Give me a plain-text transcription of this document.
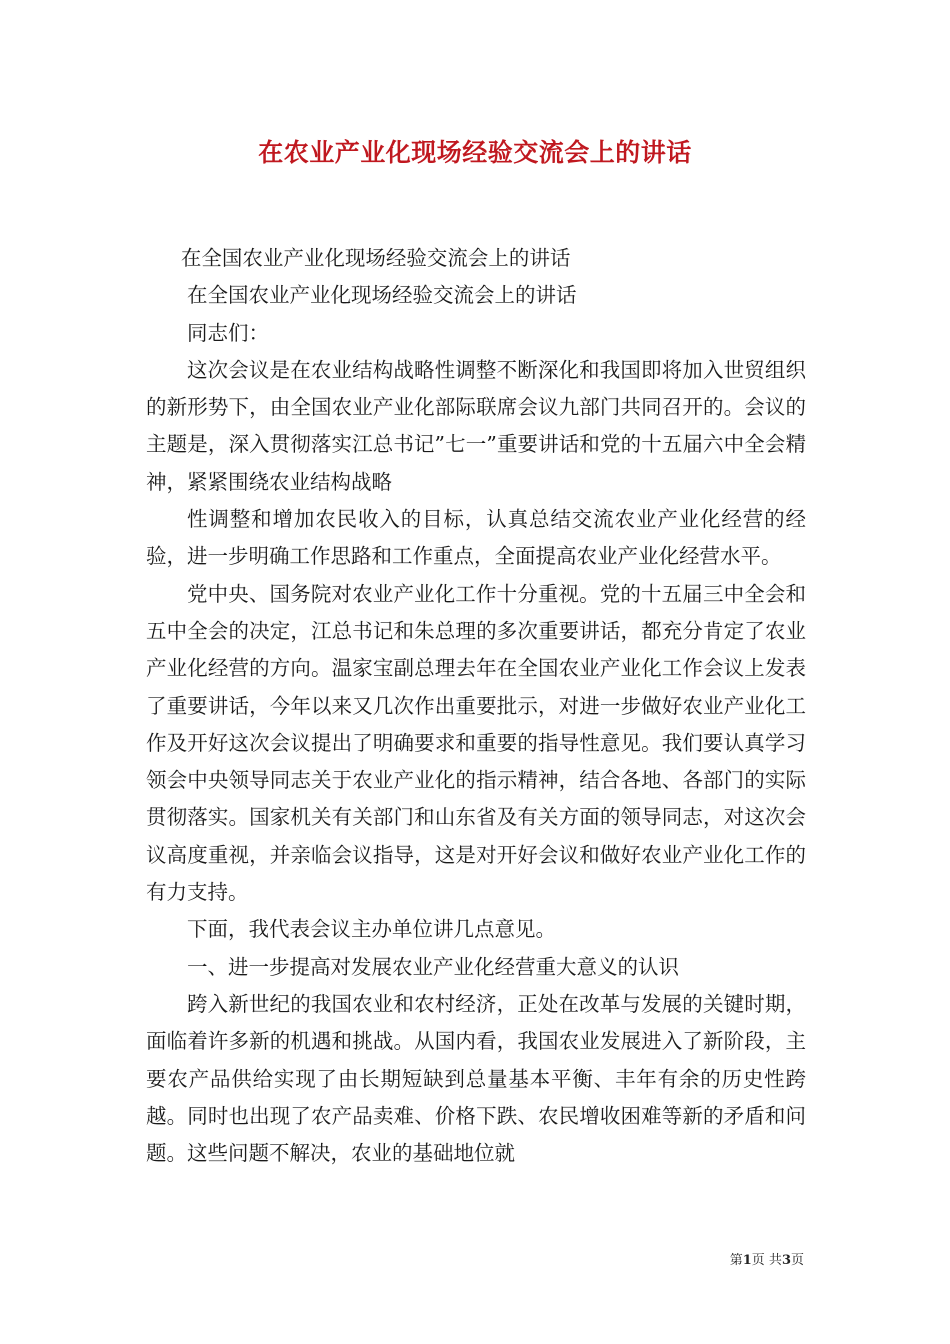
在农业产业化现场经验交流会上的讲话

在全国农业产业化现场经验交流会上的讲话

在全国农业产业化现场经验交流会上的讲话

同志们：

这次会议是在农业结构战略性调整不断深化和我国即将加入世贸组织的新形势下，由全国农业产业化部际联席会议九部门共同召开的。会议的主题是，深入贯彻落实江总书记”七一”重要讲话和党的十五届六中全会精神，紧紧围绕农业结构战略

性调整和增加农民收入的目标，认真总结交流农业产业化经营的经验，进一步明确工作思路和工作重点，全面提高农业产业化经营水平。

党中央、国务院对农业产业化工作十分重视。党的十五届三中全会和五中全会的决定，江总书记和朱总理的多次重要讲话，都充分肯定了农业产业化经营的方向。温家宝副总理去年在全国农业产业化工作会议上发表了重要讲话，今年以来又几次作出重要批示，对进一步做好农业产业化工作及开好这次会议提出了明确要求和重要的指导性意见。我们要认真学习领会中央领导同志关于农业产业化的指示精神，结合各地、各部门的实际贯彻落实。国家机关有关部门和山东省及有关方面的领导同志，对这次会议高度重视，并亲临会议指导，这是对开好会议和做好农业产业化工作的有力支持。

下面，我代表会议主办单位讲几点意见。

一、进一步提高对发展农业产业化经营重大意义的认识

跨入新世纪的我国农业和农村经济，正处在改革与发展的关键时期，面临着许多新的机遇和挑战。从国内看，我国农业发展进入了新阶段，主要农产品供给实现了由长期短缺到总量基本平衡、丰年有余的历史性跨越。同时也出现了农产品卖难、价格下跌、农民增收困难等新的矛盾和问题。这些问题不解决，农业的基础地位就

第1页 共3页
